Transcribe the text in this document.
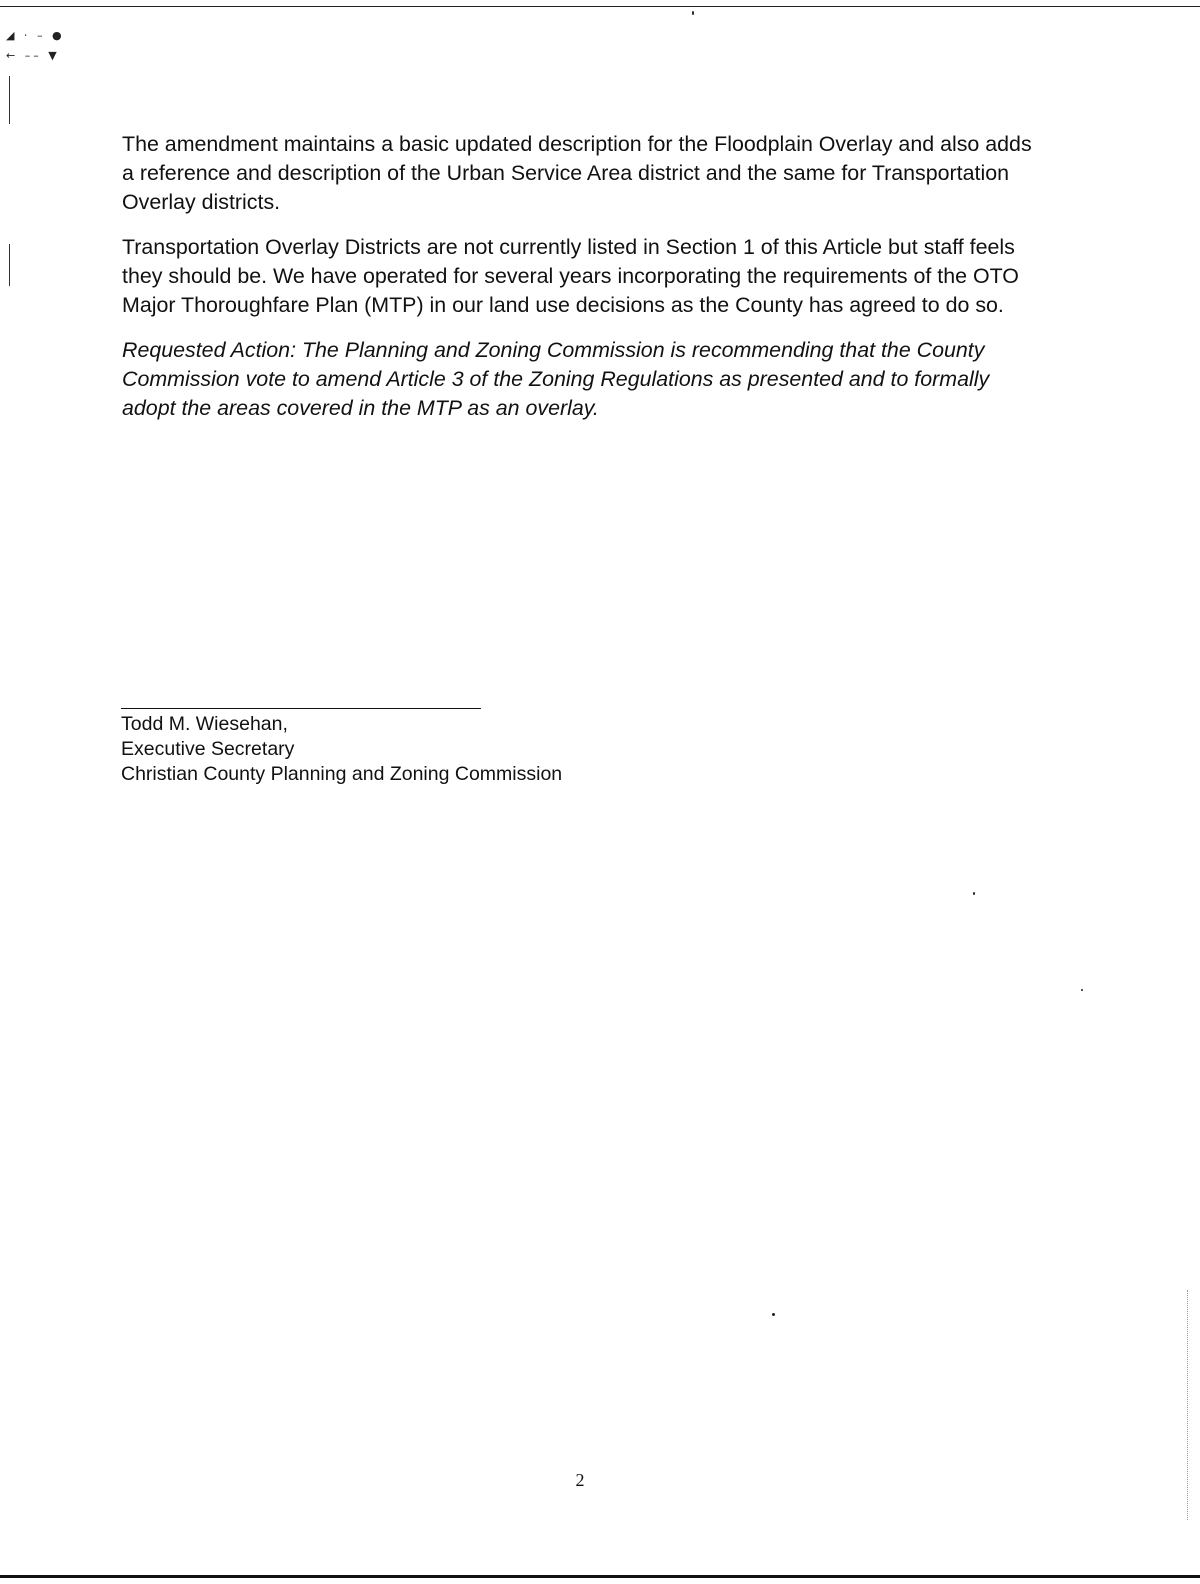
◢ ⋅ – ●
← –– ▼

The amendment maintains a basic updated description for the Floodplain Overlay and also adds a reference and description of the Urban Service Area district and the same for Transportation Overlay districts.

Transportation Overlay Districts are not currently listed in Section 1 of this Article but staff feels they should be. We have operated for several years incorporating the requirements of the OTO Major Thoroughfare Plan (MTP) in our land use decisions as the County has agreed to do so.

Requested Action: The Planning and Zoning Commission is recommending that the County Commission vote to amend Article 3 of the Zoning Regulations as presented and to formally adopt the areas covered in the MTP as an overlay.

Todd M. Wiesehan,
Executive Secretary
Christian County Planning and Zoning Commission
2
